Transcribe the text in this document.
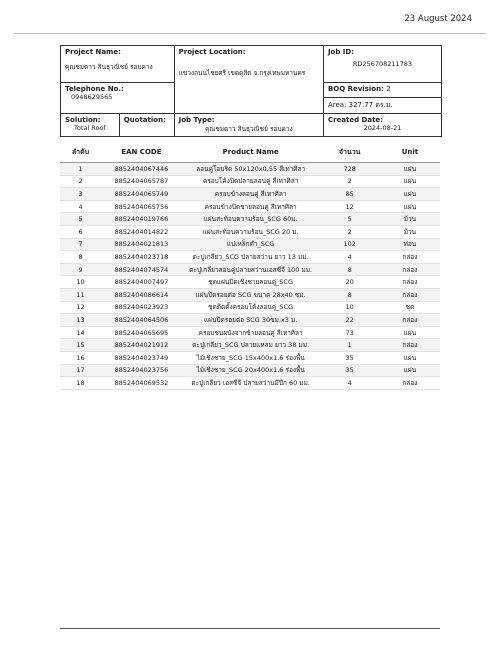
23 August 2024
Project Name:
คุณชมดาว สินธุวณิชย์ รอบคาง		Project Location:
แขวงถนนไชยศรี เขตดุสิต จ.กรุงเทพมหานคร	Job ID:
RD256708211783

Telephone No.:
0948629565			BOQ Revision: 2
			Area: 327.77 ตร.ม.

Solution:
Total Roof	Quotation:	Job Type:
คุณชมดาว สินธุวณิชย์ รอบคาง	Created Date:
2024-08-21
ลำดับ	EAN CODE	Product Name	จำนวน	Unit
1	8852404067446	ลอนคู่โอบริด 50x120x0.55 สีเทาศิลา	728	แผ่น
2	8852404065787	ครอบโค้งปิดปลายลอนคู่ สีเทาศิลา	2	แผ่น
3	8852404065749	ครอบข้างลอนคู่ สีเทาศิลา	85	แผ่น
4	8852404065756	ครอบข้างปิดชายลอนคู่ สีเทาศิลา	12	แผ่น
5	8852404019766	แผ่นสะท้อนความร้อน_SCG 60ม.	5	ม้วน
6	8852404014822	แผ่นสะท้อนความร้อน_SCG 20 ม.	2	ม้วน
7	8852404021813	แปเหล็กดำ_SCG	102	ท่อน
8	8852404023718	ตะปูเกลียว_SCG ปลายสว่าน ยาว 13 มม.	4	กล่อง
9	8852404074574	ตะปูเกลียวลอนคู่ปลายสว่านเอสซีจี 100 มม.	8	กล่อง
10	8852404007497	ชุดแผ่นปิดเชิงชายลอนคู่_SCG	20	กล่อง
11	8852404086614	แผ่นปิดรอยต่อ SCG ขนาด 28x40 ซม.	8	กล่อง
12	8852404023923	ชุดติดตั้งครอบโค้งลอนคู่_SCG	10	ชุด
13	8852404064506	แผ่นปิดรอยต่อ SCG 30ซม.x3 ม.	22	กล่อง
14	8852404065695	ครอบชนผนังจากซ้ายลอนคู่ สีเทาศิลา	73	แผ่น
15	8852404021912	ตะปูเกลียว_SCG ปลายแหลม ยาว 38 มม.	1	กล่อง
16	8852404023749	ไม้เชิงชาย_SCG 15x400x1.6 ร่องพื้น	35	แผ่น
17	8852404023756	ไม้เชิงชาย_SCG 20x400x1.6 ร่องพื้น	35	แผ่น
18	8852404069532	ตะปูเกลียว เอสซีจี ปลายสว่านมีปีก 60 มม.	4	กล่อง
